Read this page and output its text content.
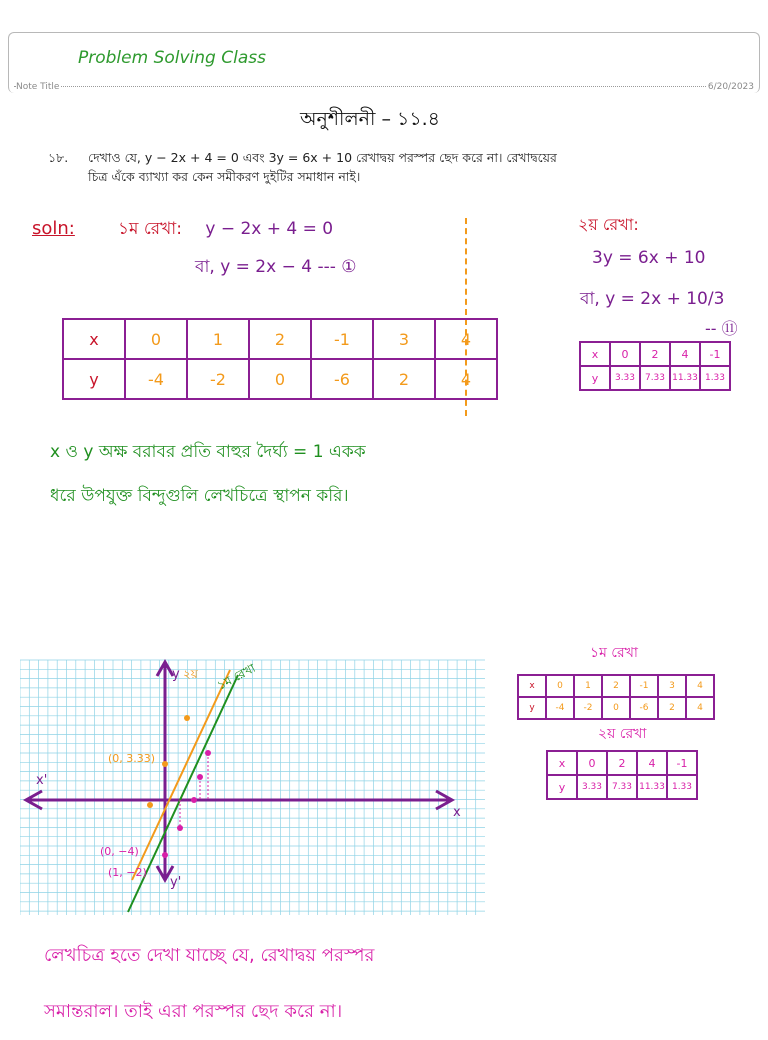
Problem Solving Class
Note Title	6/20/2023
অনুশীলনী – ১১.৪
১৮. দেখাও যে, y − 2x + 4 = 0 এবং 3y = 6x + 10 রেখাদ্বয় পরস্পর ছেদ করে না। রেখাদ্বয়ের
চিত্র এঁকে ব্যাখ্যা কর কেন সমীকরণ দুইটির সমাধান নাই।
soln:	১ম রেখা: y − 2x + 4 = 0
বা, y = 2x − 4 --- ①
২য় রেখা:
3y = 6x + 10
বা, y = 2x + 10/3
-- ⑪
x	0	1	2	-1	3	4
y	-4	-2	0	-6	2	4
x	0	2	4	-1
y	3.33	7.33	11.33	1.33
x ও y অক্ষ বরাবর প্রতি বাহুর দৈর্ঘ্য = 1 একক
ধরে উপযুক্ত বিন্দুগুলি লেখচিত্রে স্থাপন করি।
x
x'
y
y'
২য় ১ম রেখা
(0, 3.33)
(0, −4)
(1, −2)
১ম রেখা
x	0	1	2	-1	3	4
y	-4	-2	0	-6	2	4
২য় রেখা
x	0	2	4	-1
y	3.33	7.33	11.33	1.33
লেখচিত্র হতে দেখা যাচ্ছে যে, রেখাদ্বয় পরস্পর
সমান্তরাল। তাই এরা পরস্পর ছেদ করে না।
